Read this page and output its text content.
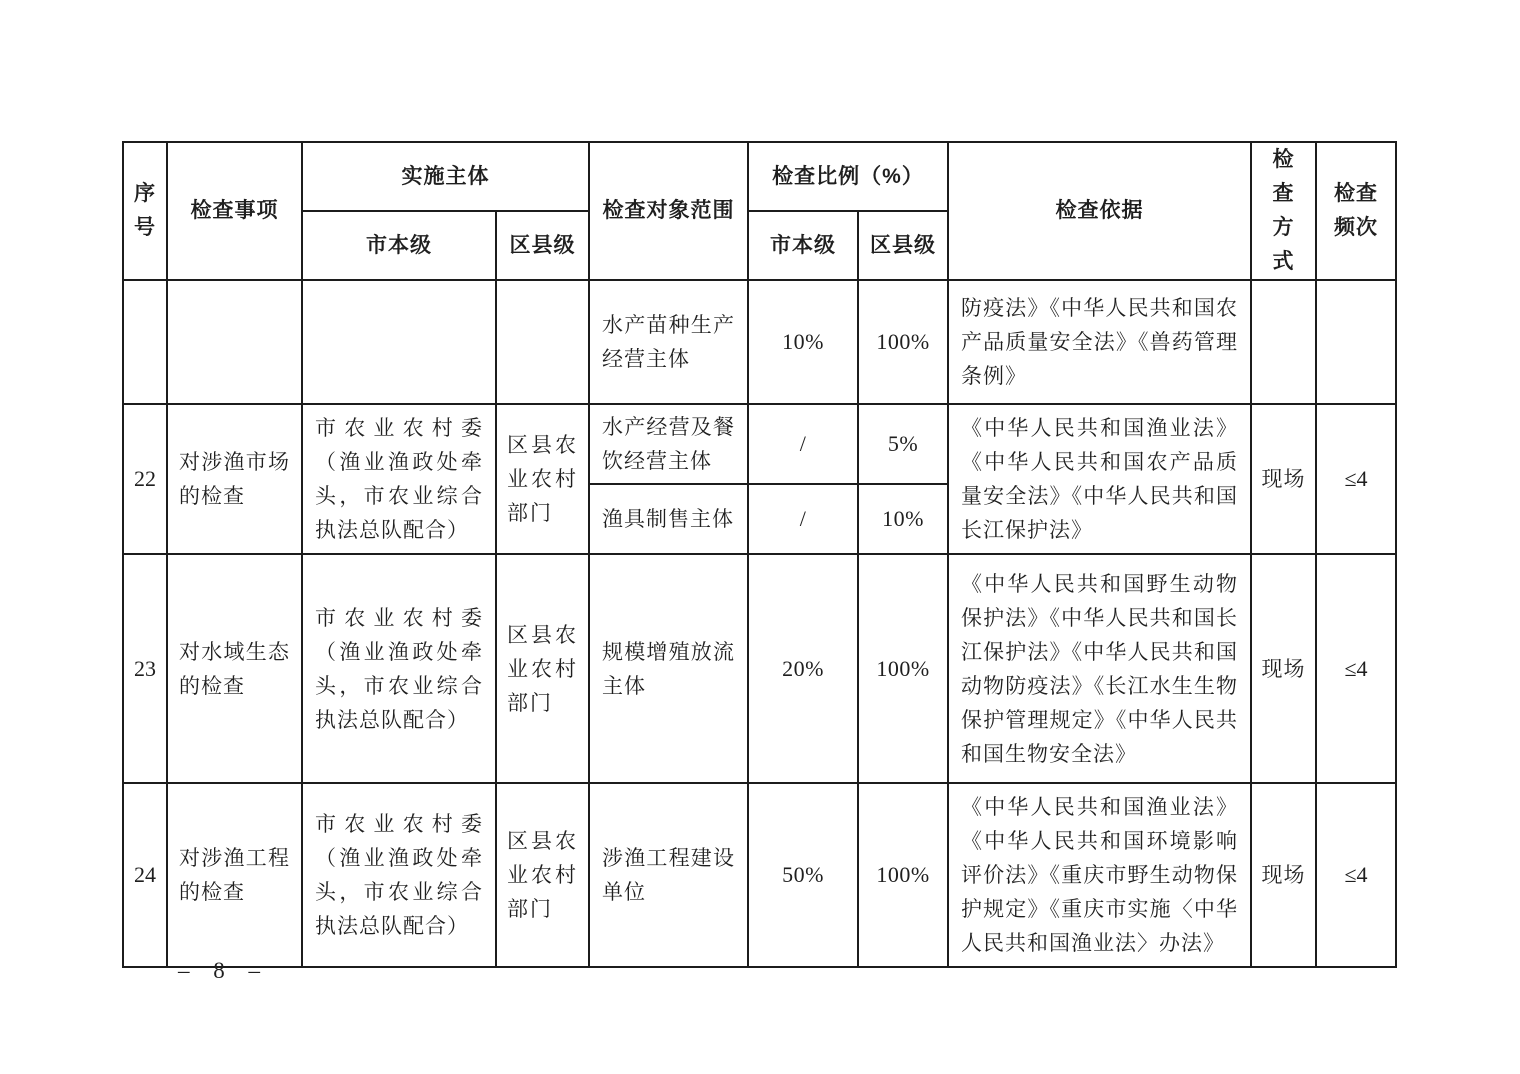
序号	检查事项	实施主体		检查对象范围	检查比例（%）		检查依据	检查方式	检查频次
		市本级	区县级		市本级	区县级			
				水产苗种生产经营主体	10%	100%	防疫法》《中华人民共和国农产品质量安全法》《兽药管理条例》		
22	对涉渔市场的检查	市农业农村委（渔业渔政处牵头，市农业综合执法总队配合）	区县农业农村部门	水产经营及餐饮经营主体	/	5%	《中华人民共和国渔业法》《中华人民共和国农产品质量安全法》《中华人民共和国长江保护法》	现场	≤4
				渔具制售主体	/	10%			
23	对水域生态的检查	市农业农村委（渔业渔政处牵头，市农业综合执法总队配合）	区县农业农村部门	规模增殖放流主体	20%	100%	《中华人民共和国野生动物保护法》《中华人民共和国长江保护法》《中华人民共和国动物防疫法》《长江水生生物保护管理规定》《中华人民共和国生物安全法》	现场	≤4
24	对涉渔工程的检查	市农业农村委（渔业渔政处牵头，市农业综合执法总队配合）	区县农业农村部门	涉渔工程建设单位	50%	100%	《中华人民共和国渔业法》《中华人民共和国环境影响评价法》《重庆市野生动物保护规定》《重庆市实施〈中华人民共和国渔业法〉办法》	现场	≤4
– 8 –
